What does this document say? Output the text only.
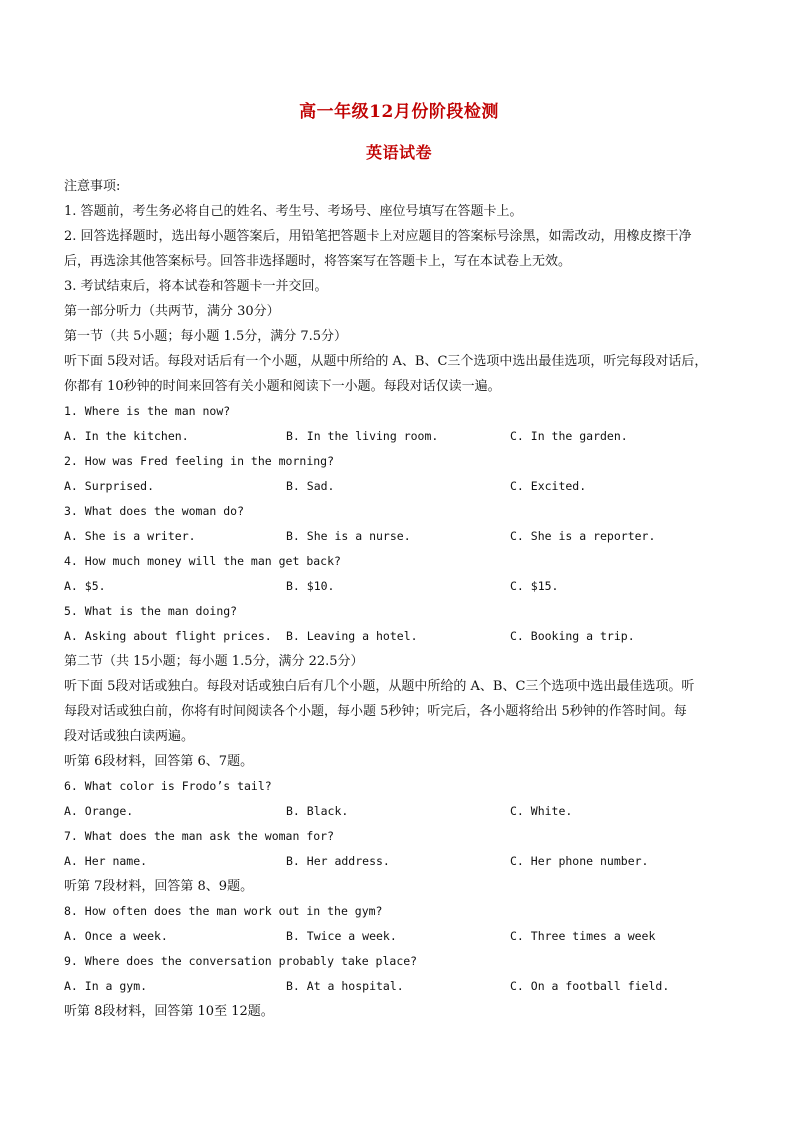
高一年级12月份阶段检测
英语试卷
注意事项:
1. 答题前，考生务必将自己的姓名、考生号、考场号、座位号填写在答题卡上。
2. 回答选择题时，选出每小题答案后，用铅笔把答题卡上对应题目的答案标号涂黑，如需改动，用橡皮擦干净
后，再选涂其他答案标号。回答非选择题时，将答案写在答题卡上，写在本试卷上无效。
3. 考试结束后，将本试卷和答题卡一并交回。
第一部分听力（共两节，满分 30分）
第一节（共 5小题；每小题 1.5分，满分 7.5分）
听下面 5段对话。每段对话后有一个小题，从题中所给的 A、B、C三个选项中选出最佳选项，听完每段对话后，
你都有 10秒钟的时间来回答有关小题和阅读下一小题。每段对话仅读一遍。
1. Where is the man now?
A. In the kitchen.	B. In the living room.	C. In the garden.
2. How was Fred feeling in the morning?
A. Surprised.	B. Sad.	C. Excited.
3. What does the woman do?
A. She is a writer.	B. She is a nurse.	C. She is a reporter.
4. How much money will the man get back?
A. $5.	B. $10.	C. $15.
5. What is the man doing?
A. Asking about flight prices. B. Leaving a hotel.	C. Booking a trip.
第二节（共 15小题；每小题 1.5分，满分 22.5分）
听下面 5段对话或独白。每段对话或独白后有几个小题，从题中所给的 A、B、C三个选项中选出最佳选项。听
每段对话或独白前，你将有时间阅读各个小题，每小题 5秒钟；听完后，各小题将给出 5秒钟的作答时间。每
段对话或独白读两遍。
听第 6段材料，回答第 6、7题。
6. What color is Frodo’s tail?
A. Orange.	B. Black.	C. White.
7. What does the man ask the woman for?
A. Her name.	B. Her address.	C. Her phone number.
听第 7段材料，回答第 8、9题。
8. How often does the man work out in the gym?
A. Once a week.	B. Twice a week.	C. Three times a week
9. Where does the conversation probably take place?
A. In a gym.	B. At a hospital.	C. On a football field.
听第 8段材料，回答第 10至 12题。
